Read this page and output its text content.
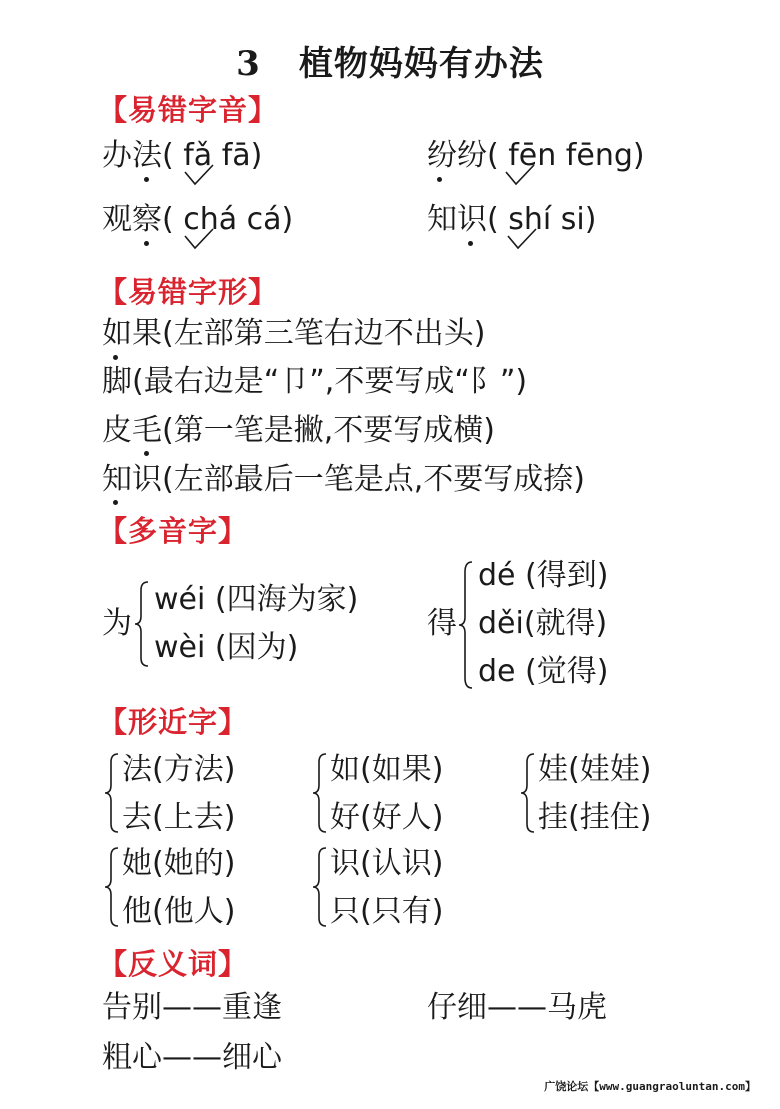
3 植物妈妈有办法
【易错字音】
办法( fǎ fā)	纷纷( fēn fēng)
观察( chá cá)	知识( shí si)
【易错字形】
如果(左部第三笔右边不出头)
脚(最右边是“卩”,不要写成“阝”)
皮毛(第一笔是撇,不要写成横)
知识(左部最后一笔是点,不要写成捺)
【多音字】
为
wéi (四海为家)
wèi (因为)
得
dé (得到)
děi(就得)
de (觉得)
【形近字】
法(方法)
去(上去)
如(如果)
好(好人)
娃(娃娃)
挂(挂住)
她(她的)
他(他人)
识(认识)
只(只有)
【反义词】
告别——重逢	仔细——马虎
粗心——细心
广饶论坛【www.guangraoluntan.com】
